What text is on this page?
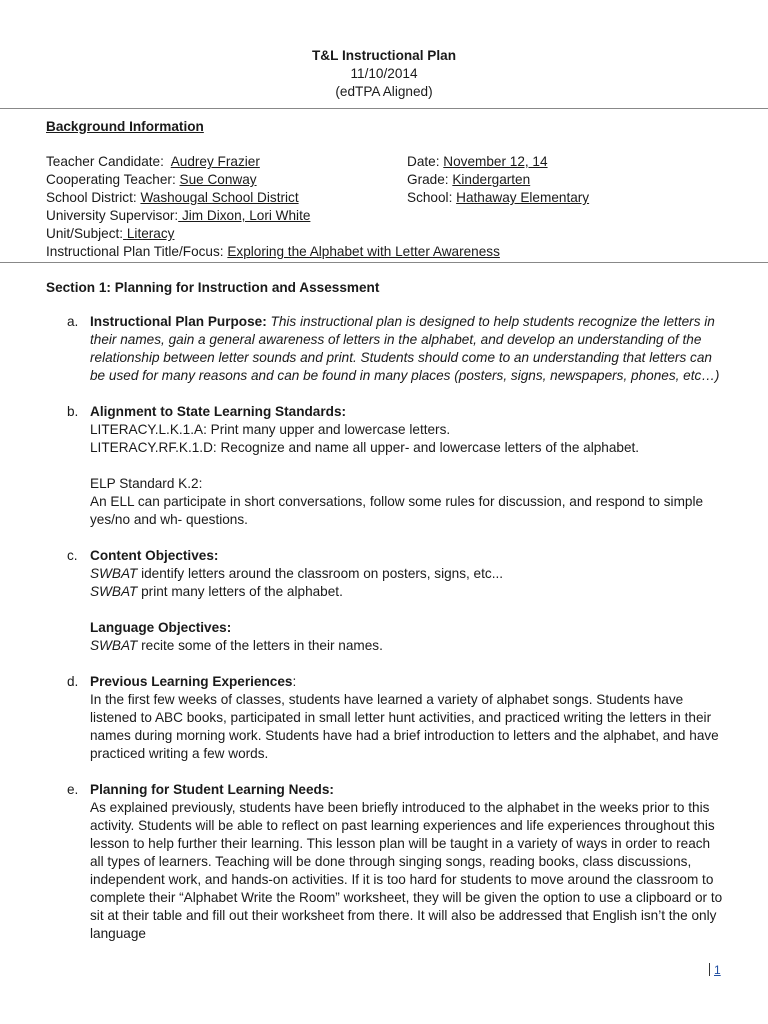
T&L Instructional Plan
11/10/2014
(edTPA Aligned)
Background Information
Teacher Candidate: Audrey Frazier	Date: November 12, 14
Cooperating Teacher: Sue Conway	Grade: Kindergarten
School District: Washougal School District	School: Hathaway Elementary
University Supervisor: Jim Dixon, Lori White
Unit/Subject: Literacy
Instructional Plan Title/Focus: Exploring the Alphabet with Letter Awareness
Section 1: Planning for Instruction and Assessment
a. Instructional Plan Purpose: This instructional plan is designed to help students recognize the letters in their names, gain a general awareness of letters in the alphabet, and develop an understanding of the relationship between letter sounds and print. Students should come to an understanding that letters can be used for many reasons and can be found in many places (posters, signs, newspapers, phones, etc…)

b. Alignment to State Learning Standards:

LITERACY.L.K.1.A: Print many upper and lowercase letters.

LITERACY.RF.K.1.D: Recognize and name all upper- and lowercase letters of the alphabet.

ELP Standard K.2:

An ELL can participate in short conversations, follow some rules for discussion, and respond to simple yes/no and wh- questions.

c. Content Objectives:

SWBAT identify letters around the classroom on posters, signs, etc...

SWBAT print many letters of the alphabet.

Language Objectives:

SWBAT recite some of the letters in their names.

d. Previous Learning Experiences:

In the first few weeks of classes, students have learned a variety of alphabet songs. Students have listened to ABC books, participated in small letter hunt activities, and practiced writing the letters in their names during morning work. Students have had a brief introduction to letters and the alphabet, and have practiced writing a few words.

e. Planning for Student Learning Needs:

As explained previously, students have been briefly introduced to the alphabet in the weeks prior to this activity. Students will be able to reflect on past learning experiences and life experiences throughout this lesson to help further their learning. This lesson plan will be taught in a variety of ways in order to reach all types of learners. Teaching will be done through singing songs, reading books, class discussions, independent work, and hands-on activities. If it is too hard for students to move around the classroom to complete their “Alphabet Write the Room” worksheet, they will be given the option to use a clipboard or to sit at their table and fill out their worksheet from there. It will also be addressed that English isn’t the only language

1
